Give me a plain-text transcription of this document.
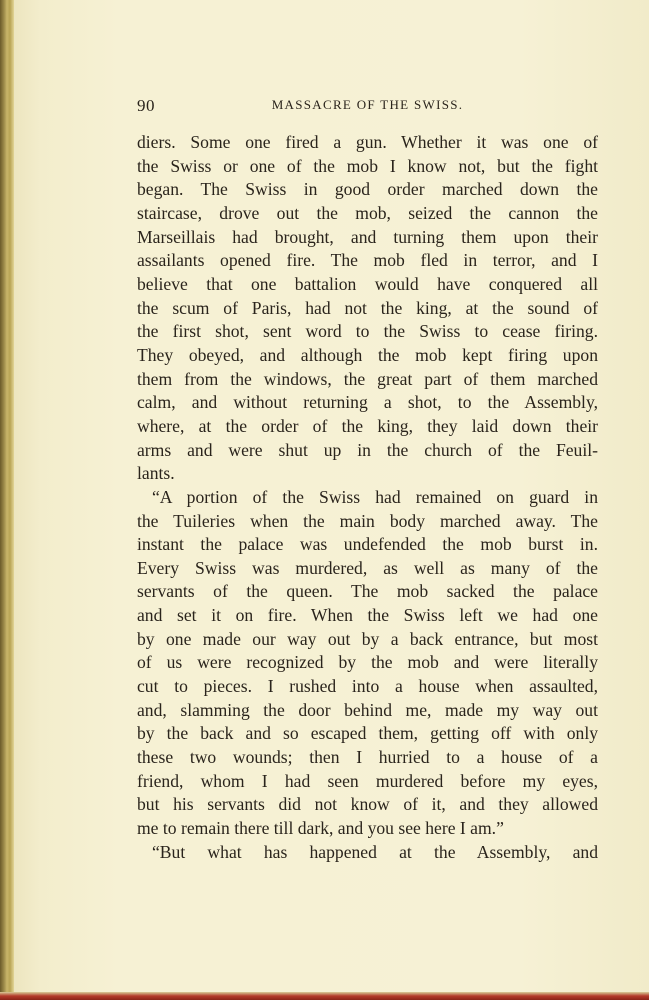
90	MASSACRE OF THE SWISS.
diers. Some one fired a gun. Whether it was one of
the Swiss or one of the mob I know not, but the fight
began. The Swiss in good order marched down the
staircase, drove out the mob, seized the cannon the
Marseillais had brought, and turning them upon their
assailants opened fire. The mob fled in terror, and I
believe that one battalion would have conquered all
the scum of Paris, had not the king, at the sound of
the first shot, sent word to the Swiss to cease firing.
They obeyed, and although the mob kept firing upon
them from the windows, the great part of them marched
calm, and without returning a shot, to the Assembly,
where, at the order of the king, they laid down their
arms and were shut up in the church of the Feuil-
lants.
“A portion of the Swiss had remained on guard in
the Tuileries when the main body marched away. The
instant the palace was undefended the mob burst in.
Every Swiss was murdered, as well as many of the
servants of the queen. The mob sacked the palace
and set it on fire. When the Swiss left we had one
by one made our way out by a back entrance, but most
of us were recognized by the mob and were literally
cut to pieces. I rushed into a house when assaulted,
and, slamming the door behind me, made my way out
by the back and so escaped them, getting off with only
these two wounds; then I hurried to a house of a
friend, whom I had seen murdered before my eyes,
but his servants did not know of it, and they allowed
me to remain there till dark, and you see here I am.”
“But what has happened at the Assembly, and
